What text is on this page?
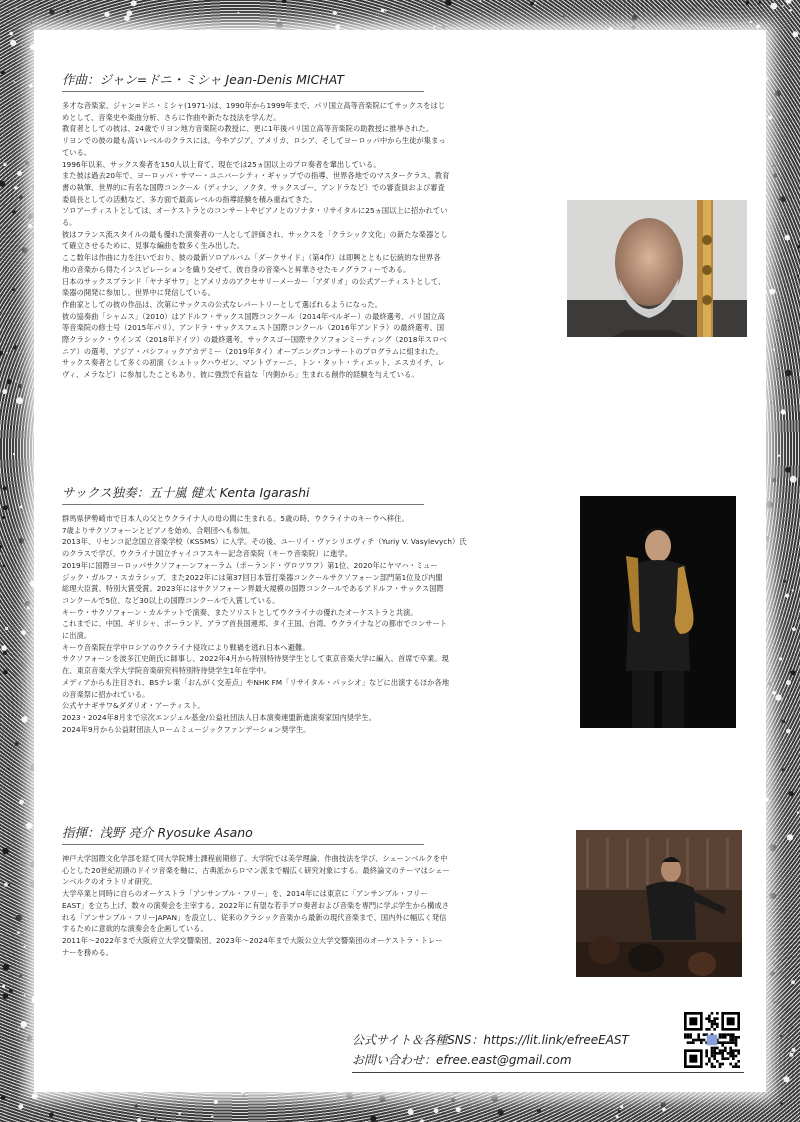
作曲：ジャン=ドニ・ミシャ Jean-Denis MICHAT

多才な音楽家、ジャン=ドニ・ミシャ(1971-)は、1990年から1999年まで、パリ国立高等音楽院にてサックスをはじ

めとして、音楽史や楽曲分析、さらに作曲や新たな技法を学んだ。

教育者としての彼は、24歳でリヨン地方音楽院の教授に、更に1年後パリ国立高等音楽院の助教授に推挙された。

リヨンでの彼の最も高いレベルのクラスには、今やアジア、アメリカ、ロシア、そしてヨーロッパ中から生徒が集まっ

ている。

1996年以来、サックス奏者を150人以上育て、現在では25ヵ国以上のプロ奏者を輩出している。

また彼は過去20年で、ヨーロッパ・サマー・ユニバーシティ・ギャップでの指導、世界各地でのマスタークラス、教育

書の執筆、世界的に有名な国際コンクール（ディナン、ノクタ、サックスゴー、アンドラなど）での審査員および審査

委員長としての活動など、多方面で最高レベルの指導経験を積み重ねてきた。

ソロアーティストとしては、オーケストラとのコンサートやピアノとのソナタ・リサイタルに25ヵ国以上に招かれてい

る。

彼はフランス流スタイルの最も優れた演奏者の一人として評価され、サックスを「クラシック文化」の新たな楽器とし

て確立させるために、見事な編曲を数多く生み出した。

ここ数年は作曲に力を注いでおり、彼の最新ソロアルバム「ダークサイド」（第4作）は即興とともに伝統的な世界各

地の音楽から得たインスピレーションを織り交ぜて、彼自身の音楽へと昇華させたモノグラフィーである。

日本のサックスブランド「ヤナギサワ」とアメリカのアクセサリーメーカー「アダリオ」の公式アーティストとして、

楽器の開発に参加し、世界中に発信している。

作曲家としての彼の作品は、次第にサックスの公式なレパートリーとして選ばれるようになった。

彼の協奏曲「シャムス」（2010）はアドルフ・サックス国際コンクール（2014年ベルギー）の最終選考、パリ国立高

等音楽院の修士号（2015年パリ）、アンドラ・サックスフェスト国際コンクール（2016年アンドラ）の最終選考、国

際クラシック・ウインズ（2018年ドイツ）の最終選考、サックスゴー国際サクソフォンミーティング（2018年スロベ

ニア）の選考、アジア・パシフィックアカデミー（2019年タイ）オープニングコンサートのプログラムに組まれた。

サックス奏者として多くの初演（シュトックハウゼン、マントヴァーニ、トン・タット・ティエット、エスカイチ、レ

ヴィ、メラなど）に参加したこともあり、彼に強烈で有益な「内側から」生まれる創作的経験を与えている。

サックス独奏：五十嵐 健太 Kenta Igarashi

群馬県伊勢崎市で日本人の父とウクライナ人の母の間に生まれる。5歳の時、ウクライナのキーウへ移住。

7歳よりサクソフォーンとピアノを始め、合唱団へも参加。

2013年、リセンコ記念国立音楽学校（KSSMS）に入学。その後、ユーリイ・ヴァシリエヴィチ（Yuriy V. Vasylevych）氏

のクラスで学び、ウクライナ国立チャイコフスキー記念音楽院（キーウ音楽院）に進学。

2019年に国際ヨーロッパサクソフォーンフォーラム（ポーランド・ヴロツワフ）第1位、2020年にヤマハ・ミュー

ジック・ガルフ・スカラシップ、また2022年には第37回日本管打楽器コンクールサクソフォーン部門第1位及び内閣

総理大臣賞、特別大賞受賞。2023年にはサクソフォーン界最大規模の国際コンクールであるアドルフ・サックス国際

コンクールで5位、など30以上の国際コンクールで入賞している。

キーウ・サクソフォーン・カルテットで演奏、またソリストとしてウクライナの優れたオーケストラと共演。

これまでに、中国、ギリシャ、ポーランド、アラブ首長国連邦、タイ王国、台湾、ウクライナなどの都市でコンサート

に出演。

キーウ音楽院在学中ロシアのウクライナ侵攻により戦禍を逃れ日本へ避難。

サクソフォーンを波多江史朗氏に師事し、2022年4月から特別特待奨学生として東京音楽大学に編入、首席で卒業。現

在、東京音楽大学大学院音楽研究科特別特待奨学生1年在学中。

メディアからも注目され、BSテレ東「おんがく交差点」やNHK FM「リサイタル・パッシオ」などに出演するほか各地

の音楽祭に招かれている。

公式ヤナギサワ&ダダリオ・アーティスト。

2023・2024年8月まで宗次エンジェル基金/公益社団法人日本演奏連盟新進演奏家国内奨学生。

2024年9月から公益財団法人ロームミュージックファンデーション奨学生。

指揮：浅野 亮介 Ryosuke Asano

神戸大学国際文化学部を経て同大学院博士課程前期修了。大学院では美学理論、作曲技法を学び、シェーンベルクを中

心とした20世紀初頭のドイツ音楽を軸に、古典派からロマン派まで幅広く研究対象にする。最終論文のテーマはシェー

ンベルクのオラトリオ研究。

大学卒業と同時に自らのオーケストラ「アンサンブル・フリー」を、2014年には東京に「アンサンブル・フリー

EAST」を立ち上げ、数々の演奏会を主宰する。2022年に有望な若手プロ奏者および音楽を専門に学ぶ学生から構成さ

れる「アンサンブル・フリーJAPAN」を設立し、従来のクラシック音楽から最新の現代音楽まで、国内外に幅広く発信

するために意欲的な演奏会を企画している。

2011年～2022年まで大阪府立大学交響楽団、2023年～2024年まで大阪公立大学交響楽団のオーケストラ・トレー

ナーを務める。

公式サイト＆各種SNS：https://lit.link/efreeEAST
お問い合わせ：efree.east@gmail.com
